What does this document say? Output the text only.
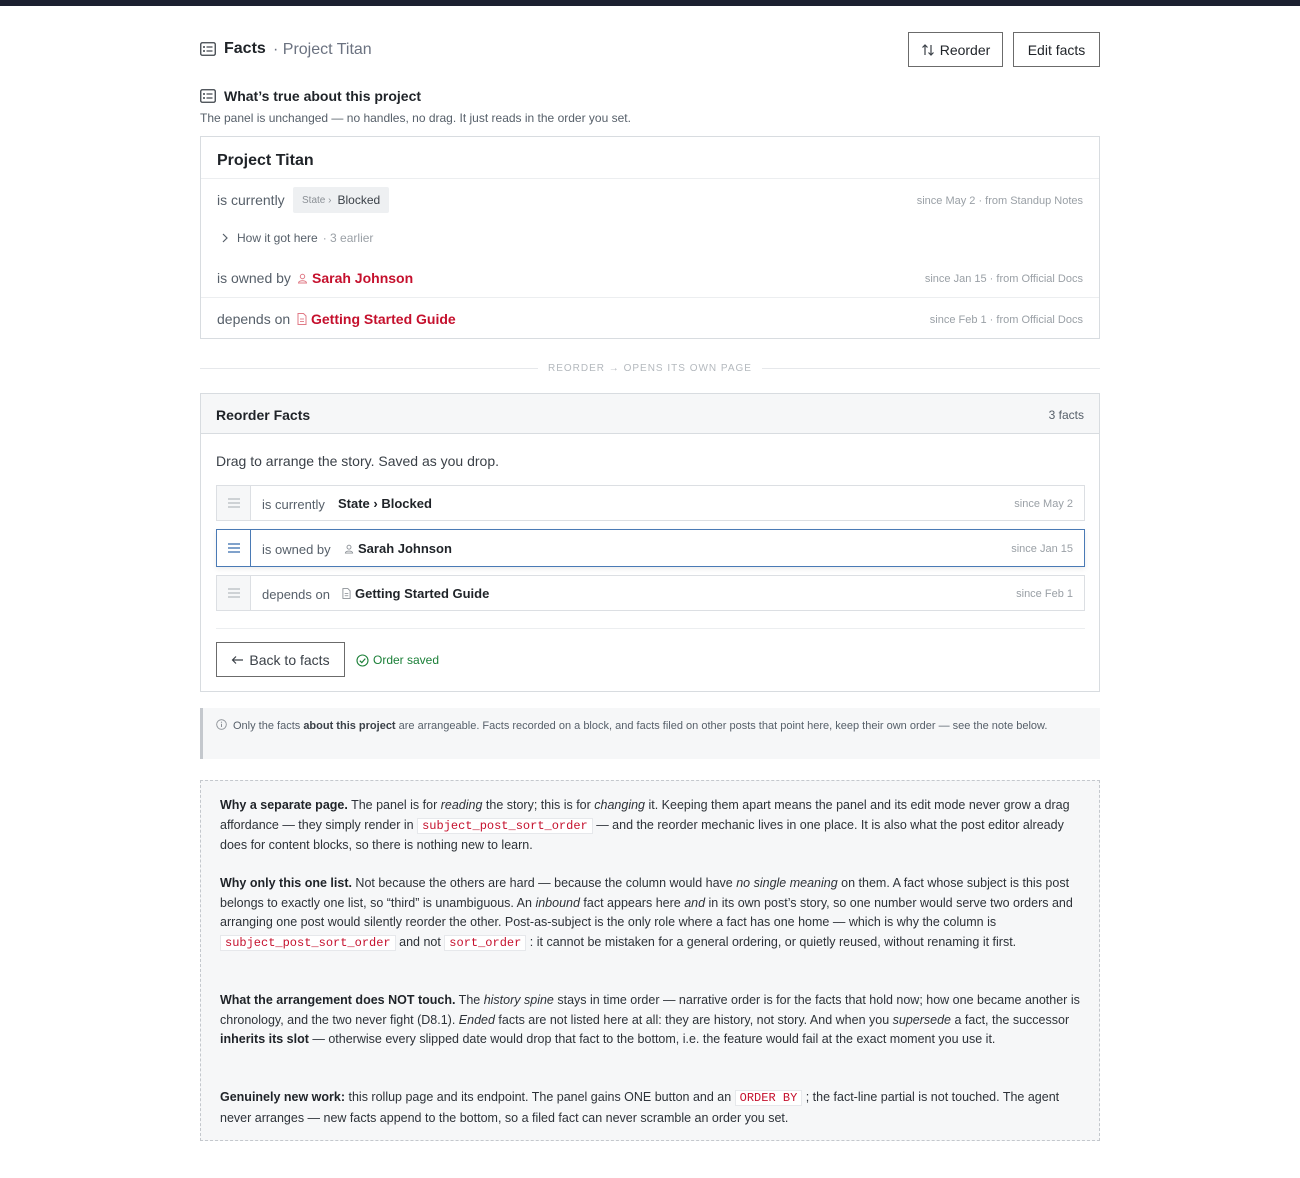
Facts · Project Titan	Reorder	Edit facts
What’s true about this project
The panel is unchanged — no handles, no drag. It just reads in the order you set.
Project Titan
is currently State › Blocked	since May 2 · from Standup Notes
How it got here · 3 earlier
is owned by Sarah Johnson	since Jan 15 · from Official Docs
depends on Getting Started Guide	since Feb 1 · from Official Docs
REORDER → OPENS ITS OWN PAGE
Reorder Facts	3 facts
Drag to arrange the story. Saved as you drop.
is currently State › Blocked	since May 2
is owned by Sarah Johnson	since Jan 15
depends on Getting Started Guide	since Feb 1
Back to facts	Order saved
Only the facts about this project are arrangeable. Facts recorded on a block, and facts filed on other posts that point here, keep their own order — see the note below.

Why a separate page. The panel is for reading the story; this is for changing it. Keeping them apart means the panel and its edit mode never grow a drag affordance — they simply render in subject_post_sort_order — and the reorder mechanic lives in one place. It is also what the post editor already does for content blocks, so there is nothing new to learn.

Why only this one list. Not because the others are hard — because the column would have no single meaning on them. A fact whose subject is this post belongs to exactly one list, so “third” is unambiguous. An inbound fact appears here and in its own post’s story, so one number would serve two orders and arranging one post would silently reorder the other. Post-as-subject is the only role where a fact has one home — which is why the column is subject_post_sort_order and not sort_order : it cannot be mistaken for a general ordering, or quietly reused, without renaming it first.

What the arrangement does NOT touch. The history spine stays in time order — narrative order is for the facts that hold now; how one became another is chronology, and the two never fight (D8.1). Ended facts are not listed here at all: they are history, not story. And when you supersede a fact, the successor inherits its slot — otherwise every slipped date would drop that fact to the bottom, i.e. the feature would fail at the exact moment you use it.

Genuinely new work: this rollup page and its endpoint. The panel gains ONE button and an ORDER BY ; the fact-line partial is not touched. The agent never arranges — new facts append to the bottom, so a filed fact can never scramble an order you set.
